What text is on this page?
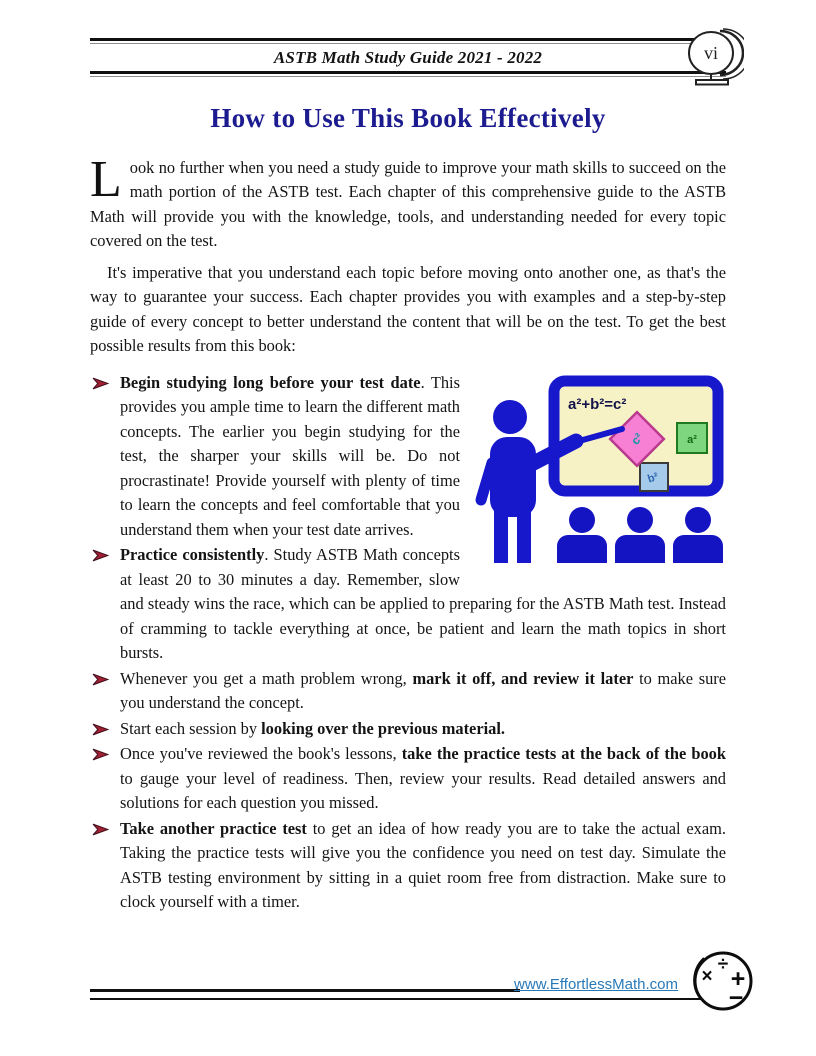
ASTB Math Study Guide 2021 - 2022	vi
How to Use This Book Effectively

Look no further when you need a study guide to improve your math skills to succeed on the math portion of the ASTB test. Each chapter of this comprehensive guide to the ASTB Math will provide you with the knowledge, tools, and understanding needed for every topic covered on the test.

It's imperative that you understand each topic before moving onto another one, as that's the way to guarantee your success. Each chapter provides you with examples and a step-by-step guide of every concept to better understand the content that will be on the test. To get the best possible results from this book:

a²+b²=c²
a²
b²
c²
Begin studying long before your test date. This provides you ample time to learn the different math concepts. The earlier you begin studying for the test, the sharper your skills will be. Do not procrastinate! Provide yourself with plenty of time to learn the concepts and feel comfortable that you understand them when your test date arrives.
Practice consistently. Study ASTB Math concepts at least 20 to 30 minutes a day. Remember, slow and steady wins the race, which can be applied to preparing for the ASTB Math test. Instead of cramming to tackle everything at once, be patient and learn the math topics in short bursts.
Whenever you get a math problem wrong, mark it off, and review it later to make sure you understand the concept.
Start each session by looking over the previous material.
Once you've reviewed the book's lessons, take the practice tests at the back of the book to gauge your level of readiness. Then, review your results. Read detailed answers and solutions for each question you missed.
Take another practice test to get an idea of how ready you are to take the actual exam. Taking the practice tests will give you the confidence you need on test day. Simulate the ASTB testing environment by sitting in a quiet room free from distraction. Make sure to clock yourself with a timer.
www.EffortlessMath.com
÷
× +
−
